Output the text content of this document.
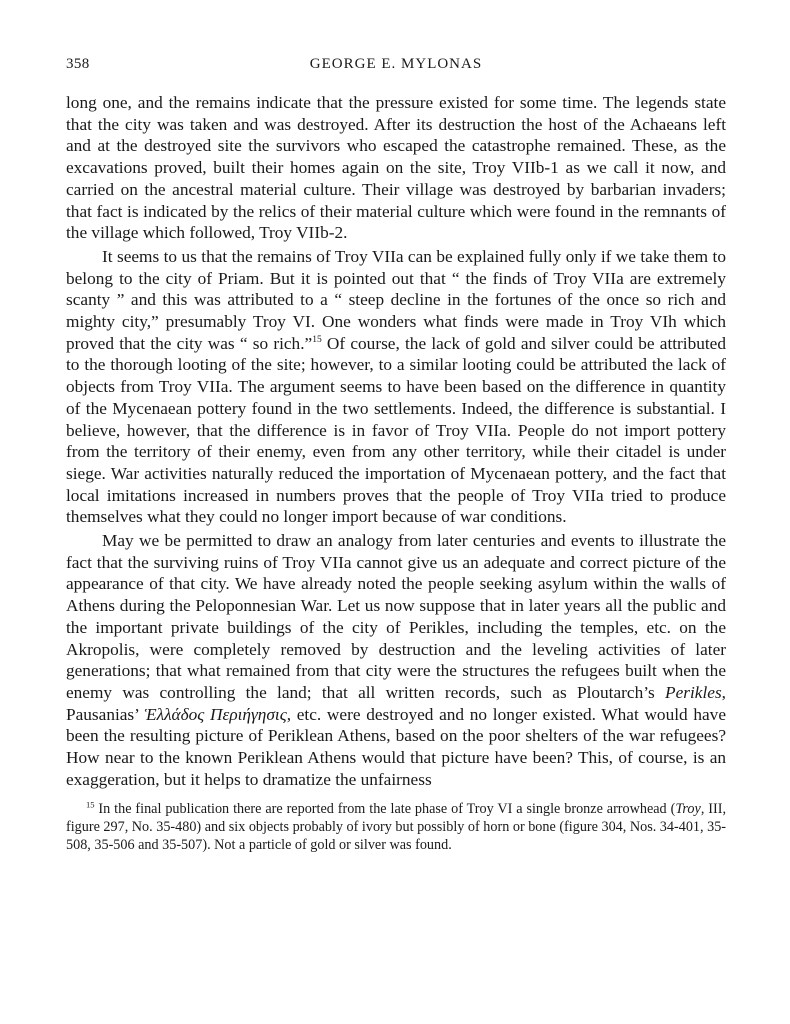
358	GEORGE E. MYLONAS

long one, and the remains indicate that the pressure existed for some time. The legends state that the city was taken and was destroyed. After its destruction the host of the Achaeans left and at the destroyed site the survivors who escaped the catastrophe remained. These, as the excavations proved, built their homes again on the site, Troy VIIb-1 as we call it now, and carried on the ancestral material culture. Their village was destroyed by barbarian invaders; that fact is indicated by the relics of their material culture which were found in the remnants of the village which followed, Troy VIIb-2.

It seems to us that the remains of Troy VIIa can be explained fully only if we take them to belong to the city of Priam. But it is pointed out that “ the finds of Troy VIIa are extremely scanty ” and this was attributed to a “ steep decline in the fortunes of the once so rich and mighty city,” presumably Troy VI. One wonders what finds were made in Troy VIh which proved that the city was “ so rich.”$^{15}$ Of course, the lack of gold and silver could be attributed to the thorough looting of the site; however, to a similar looting could be attributed the lack of objects from Troy VIIa. The argument seems to have been based on the difference in quantity of the Mycenaean pottery found in the two settlements. Indeed, the difference is substantial. I believe, however, that the difference is in favor of Troy VIIa. People do not import pottery from the territory of their enemy, even from any other territory, while their citadel is under siege. War activities naturally reduced the importation of Mycenaean pottery, and the fact that local imitations increased in numbers proves that the people of Troy VIIa tried to produce themselves what they could no longer import because of war conditions.

May we be permitted to draw an analogy from later centuries and events to illustrate the fact that the surviving ruins of Troy VIIa cannot give us an adequate and correct picture of the appearance of that city. We have already noted the people seeking asylum within the walls of Athens during the Peloponnesian War. Let us now suppose that in later years all the public and the important private buildings of the city of Perikles, including the temples, etc. on the Akropolis, were completely removed by destruction and the leveling activities of later generations; that what remained from that city were the structures the refugees built when the enemy was controlling the land; that all written records, such as Ploutarch’s Perikles, Pausanias’ Ἑλλάδος Περιήγησις, etc. were destroyed and no longer existed. What would have been the resulting picture of Periklean Athens, based on the poor shelters of the war refugees? How near to the known Periklean Athens would that picture have been? This, of course, is an exaggeration, but it helps to dramatize the unfairness

$^{15}$ In the final publication there are reported from the late phase of Troy VI a single bronze arrowhead (Troy, III, figure 297, No. 35-480) and six objects probably of ivory but possibly of horn or bone (figure 304, Nos. 34-401, 35-508, 35-506 and 35-507). Not a particle of gold or silver was found.
